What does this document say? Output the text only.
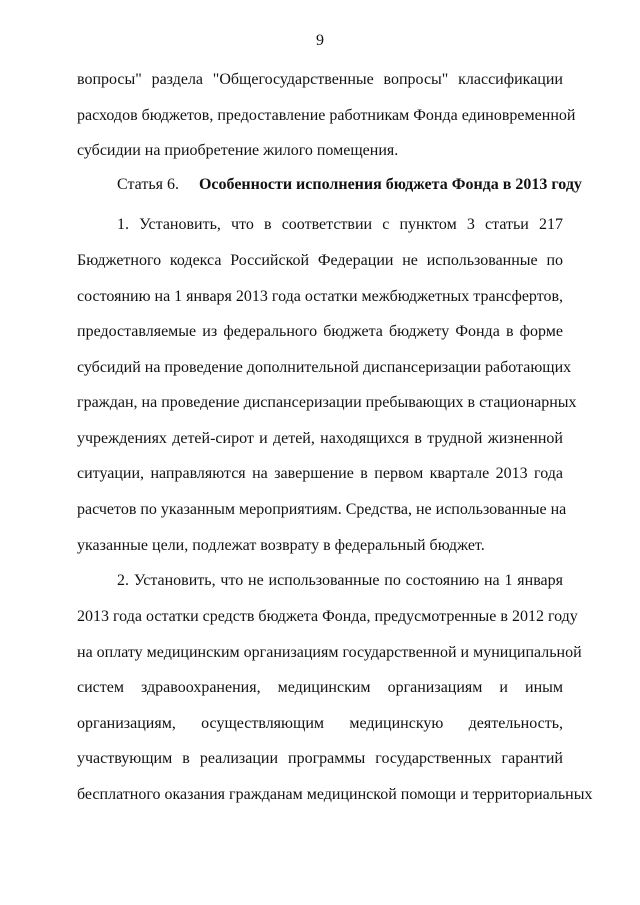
9
вопросы" раздела "Общегосударственные вопросы" классификации
расходов бюджетов, предоставление работникам Фонда единовременной
субсидии на приобретение жилого помещения.
Статья 6. Особенности исполнения бюджета Фонда в 2013 году
1. Установить, что в соответствии с пунктом 3 статьи 217
Бюджетного кодекса Российской Федерации не использованные по
состоянию на 1 января 2013 года остатки межбюджетных трансфертов,
предоставляемые из федерального бюджета бюджету Фонда в форме
субсидий на проведение дополнительной диспансеризации работающих
граждан, на проведение диспансеризации пребывающих в стационарных
учреждениях детей-сирот и детей, находящихся в трудной жизненной
ситуации, направляются на завершение в первом квартале 2013 года
расчетов по указанным мероприятиям. Средства, не использованные на
указанные цели, подлежат возврату в федеральный бюджет.
2. Установить, что не использованные по состоянию на 1 января
2013 года остатки средств бюджета Фонда, предусмотренные в 2012 году
на оплату медицинским организациям государственной и муниципальной
систем здравоохранения, медицинским организациям и иным
организациям, осуществляющим медицинскую деятельность,
участвующим в реализации программы государственных гарантий
бесплатного оказания гражданам медицинской помощи и территориальных
